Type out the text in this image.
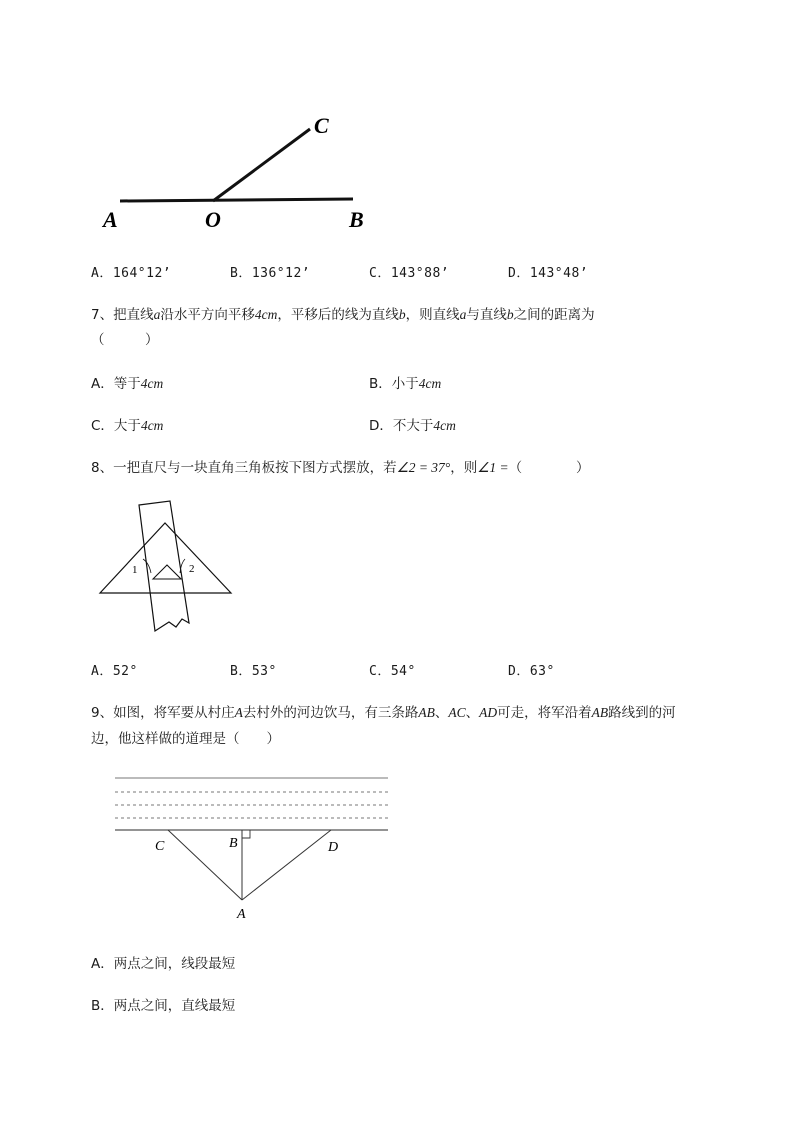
A	O	B
C
A．164°12’	B．136°12’	C．143°88’	D．143°48’
7、把直线a沿水平方向平移4cm，平移后的线为直线b，则直线a与直线b之间的距离为
（　　　）
A．等于4cm	B．小于4cm
C．大于4cm	D．不大于4cm
8、一把直尺与一块直角三角板按下图方式摆放，若∠2 = 37°，则∠1 =（　　　　）
1	2
A．52°	B．53°	C．54°	D．63°
9、如图，将军要从村庄A去村外的河边饮马，有三条路AB、AC、AD可走，将军沿着AB路线到的河
边，他这样做的道理是（　　）
C	B	D
A
A．两点之间，线段最短
B．两点之间，直线最短
